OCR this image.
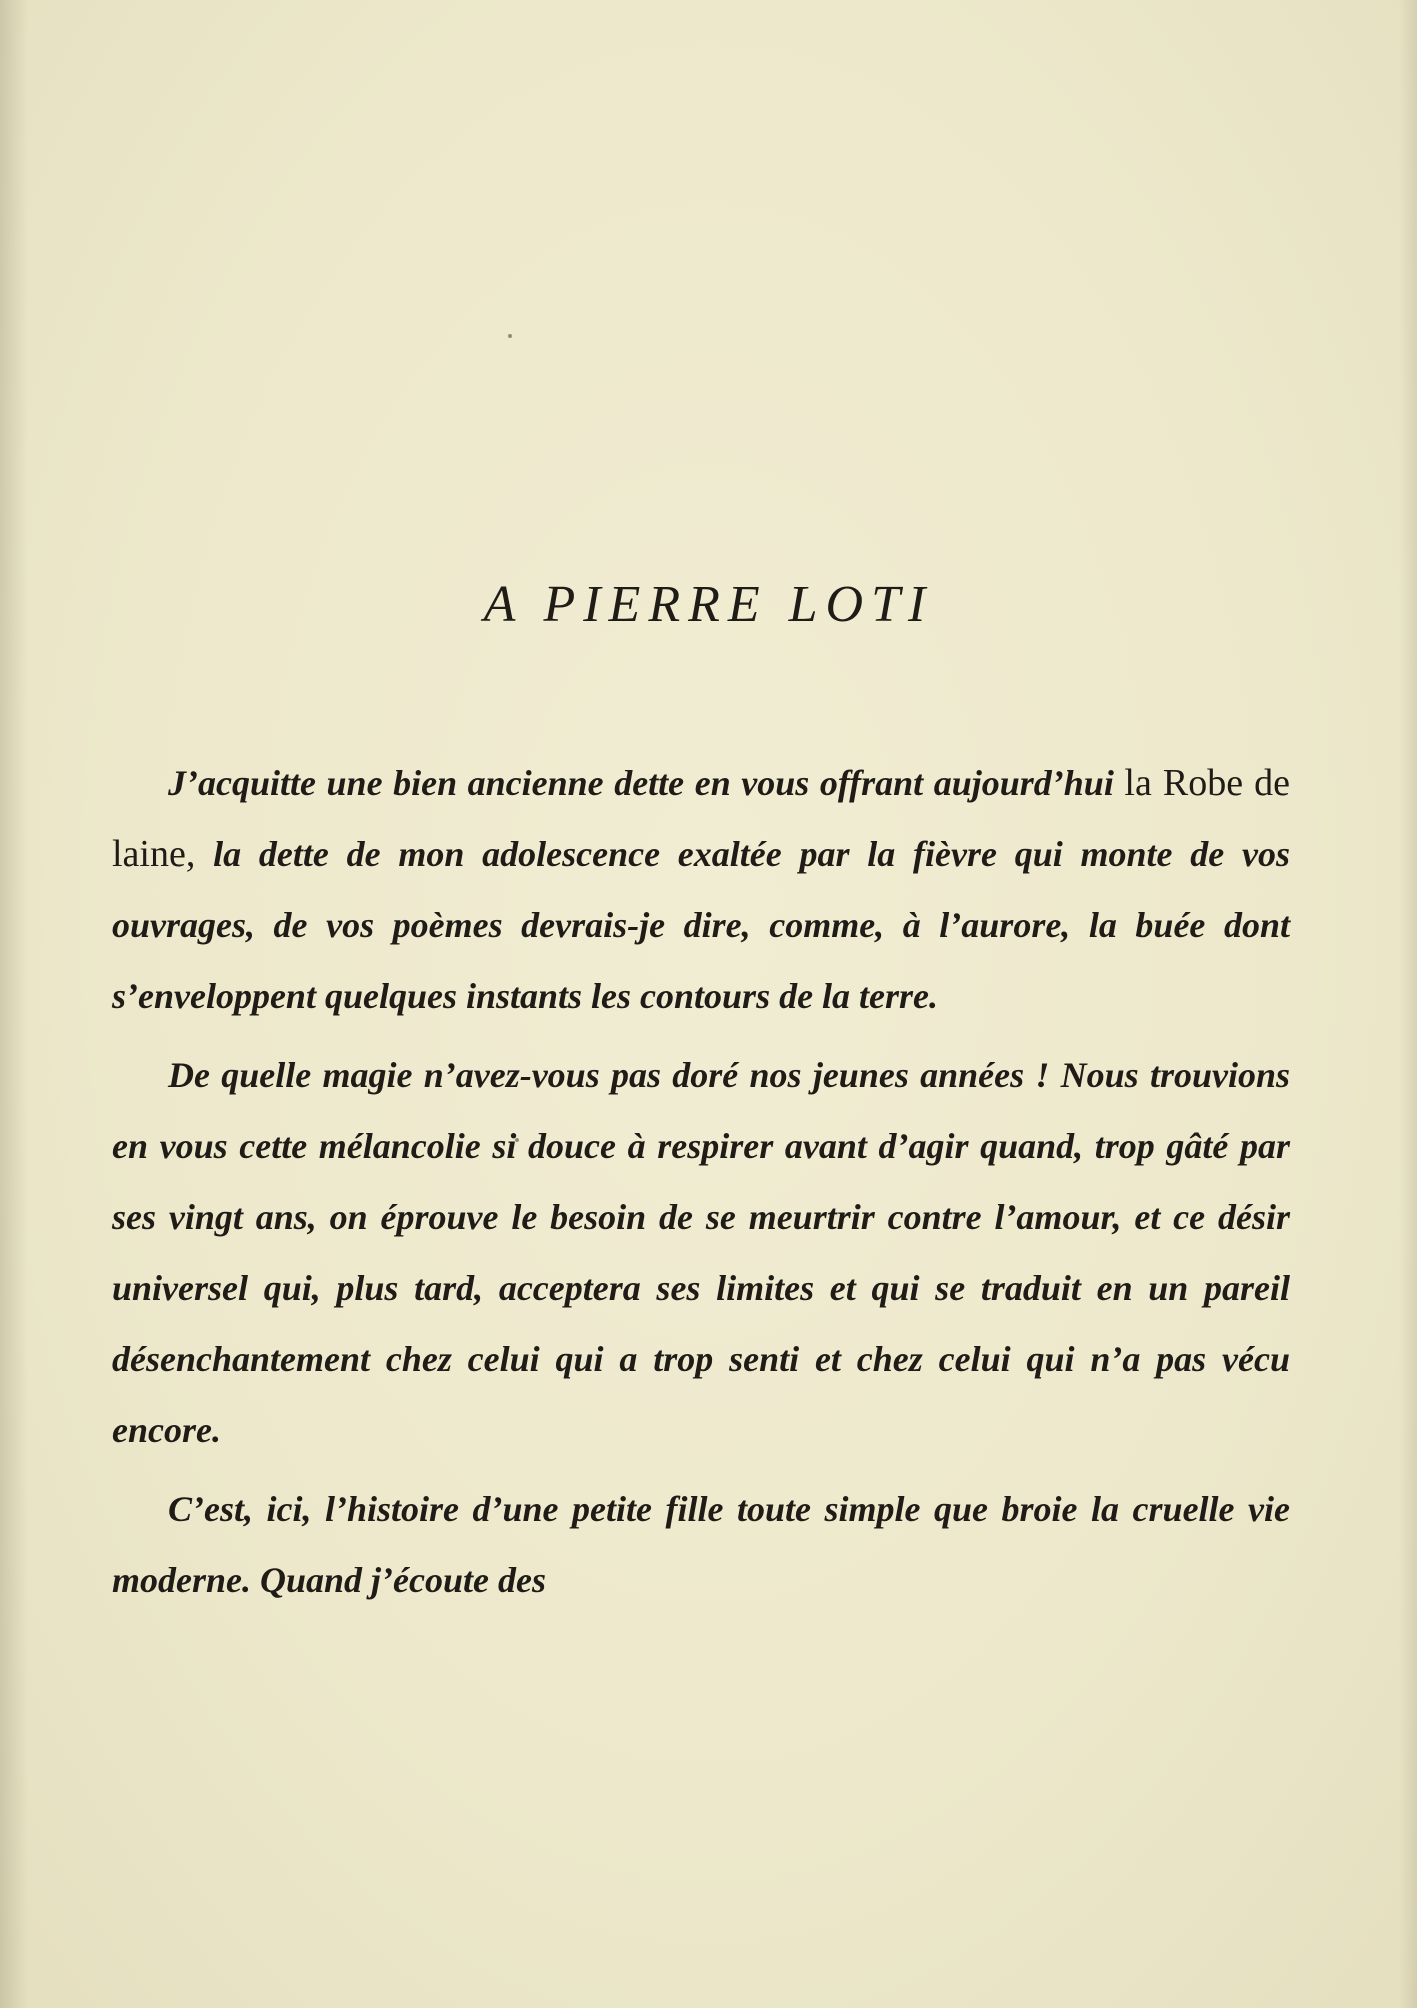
A PIERRE LOTI

J’acquitte une bien ancienne dette en vous offrant aujourd’hui la Robe de laine, la dette de mon adolescence exaltée par la fièvre qui monte de vos ouvrages, de vos poèmes devrais-je dire, comme, à l’aurore, la buée dont s’enveloppent quelques instants les contours de la terre.

De quelle magie n’avez-vous pas doré nos jeunes années ! Nous trouvions en vous cette mélancolie si douce à respirer avant d’agir quand, trop gâté par ses vingt ans, on éprouve le besoin de se meurtrir contre l’amour, et ce désir universel qui, plus tard, acceptera ses limites et qui se traduit en un pareil désenchantement chez celui qui a trop senti et chez celui qui n’a pas vécu encore.

C’est, ici, l’histoire d’une petite fille toute simple que broie la cruelle vie moderne. Quand j’écoute des
